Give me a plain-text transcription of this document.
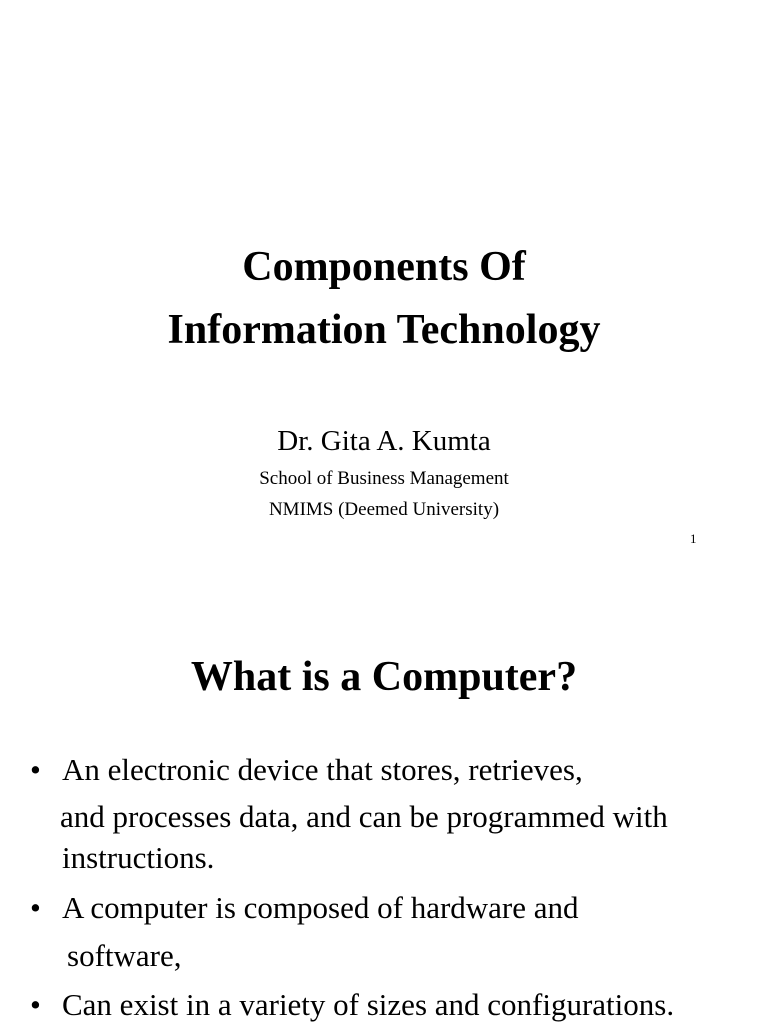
Components Of
Information Technology
Dr. Gita A. Kumta
School of Business Management
NMIMS (Deemed University)
1
What is a Computer?
• An electronic device that stores, retrieves,
and processes data, and can be programmed with
instructions.
• A computer is composed of hardware and
software,
• Can exist in a variety of sizes and configurations.
